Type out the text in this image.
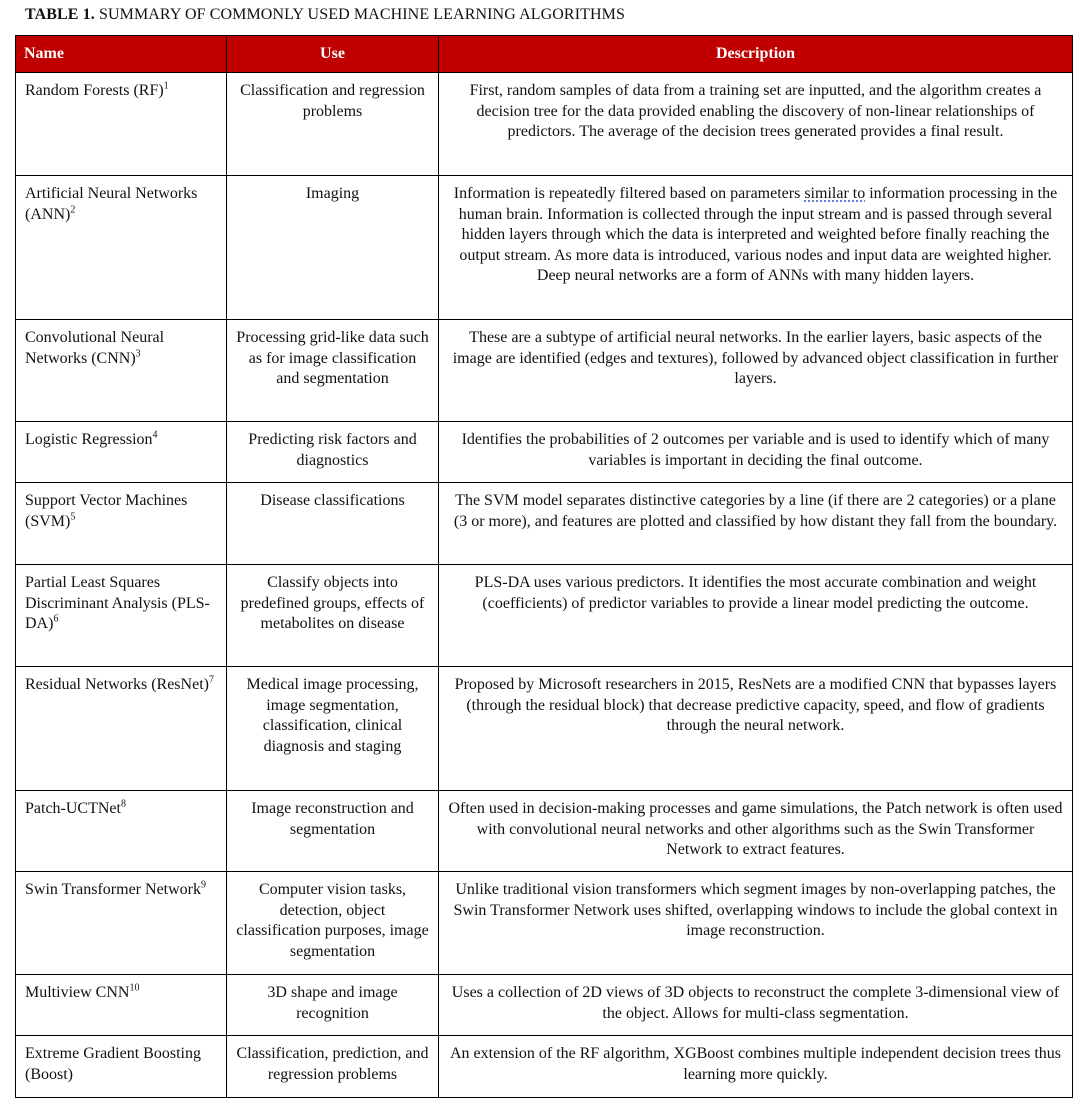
TABLE 1. SUMMARY OF COMMONLY USED MACHINE LEARNING ALGORITHMS
Name	Use	Description
Random Forests (RF)$^1$	Classification and regression problems	First, random samples of data from a training set are inputted, and the algorithm creates a decision tree for the data provided enabling the discovery of non-linear relationships of predictors. The average of the decision trees generated provides a final result.
Artificial Neural Networks (ANN)$^2$	Imaging	Information is repeatedly filtered based on parameters similar to information processing in the human brain. Information is collected through the input stream and is passed through several hidden layers through which the data is interpreted and weighted before finally reaching the output stream. As more data is introduced, various nodes and input data are weighted higher. Deep neural networks are a form of ANNs with many hidden layers.
Convolutional Neural Networks (CNN)$^3$	Processing grid-like data such as for image classification and segmentation	These are a subtype of artificial neural networks. In the earlier layers, basic aspects of the image are identified (edges and textures), followed by advanced object classification in further layers.
Logistic Regression$^4$	Predicting risk factors and diagnostics	Identifies the probabilities of 2 outcomes per variable and is used to identify which of many variables is important in deciding the final outcome.
Support Vector Machines (SVM)$^5$	Disease classifications	The SVM model separates distinctive categories by a line (if there are 2 categories) or a plane (3 or more), and features are plotted and classified by how distant they fall from the boundary.
Partial Least Squares Discriminant Analysis $(PLS-DA)^6$	Classify objects into predefined groups, effects of metabolites on disease	PLS-DA uses various predictors. It identifies the most accurate combination and weight (coefficients) of predictor variables to provide a linear model predicting the outcome.
Residual Networks (ResNet)$^7$	Medical image processing, image segmentation, classification, clinical diagnosis and staging	Proposed by Microsoft researchers in 2015, ResNets are a modified CNN that bypasses layers (through the residual block) that decrease predictive capacity, speed, and flow of gradients through the neural network.
Patch-UCTNet$^8$	Image reconstruction and segmentation	Often used in decision-making processes and game simulations, the Patch network is often used with convolutional neural networks and other algorithms such as the Swin Transformer Network to extract features.
Swin Transformer Network$^9$	Computer vision tasks, detection, object classification purposes, image segmentation	Unlike traditional vision transformers which segment images by non-overlapping patches, the Swin Transformer Network uses shifted, overlapping windows to include the global context in image reconstruction.
Multiview CNN$^{10}$	3D shape and image recognition	Uses a collection of 2D views of 3D objects to reconstruct the complete 3-dimensional view of the object. Allows for multi-class segmentation.
Extreme Gradient Boosting (Boost)	Classification, prediction, and regression problems	An extension of the RF algorithm, XGBoost combines multiple independent decision trees thus learning more quickly.
